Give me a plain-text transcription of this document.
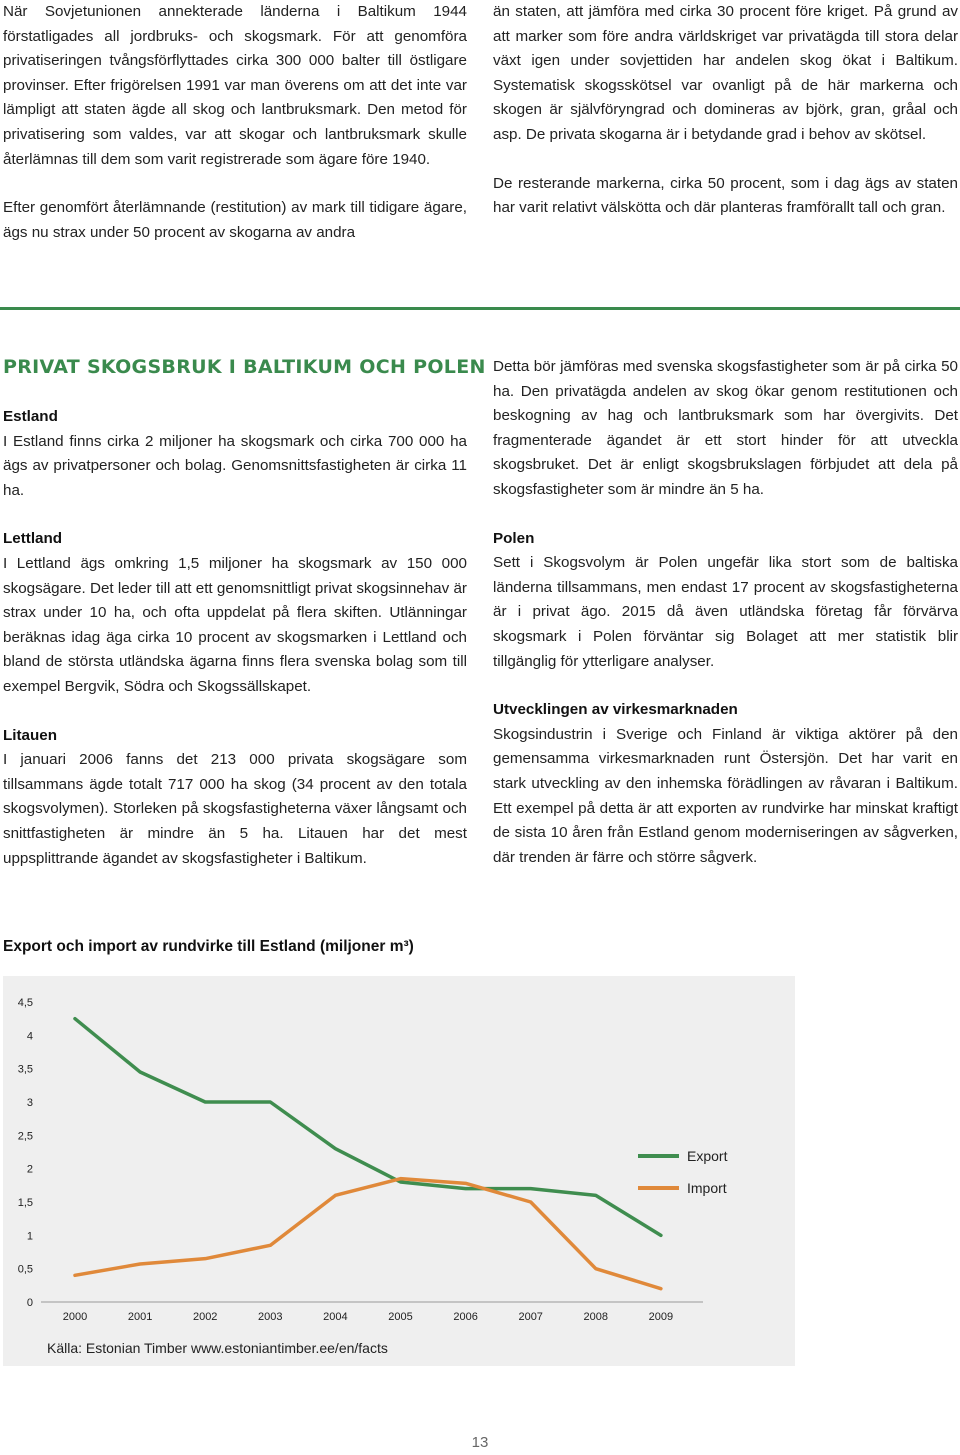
När Sovjetunionen annekterade länderna i Baltikum 1944 förstatligades all jordbruks- och skogsmark. För att genomföra privatiseringen tvångsförflyttades cirka 300 000 balter till östligare provinser. Efter frigörelsen 1991 var man överens om att det inte var lämpligt att staten ägde all skog och lantbruksmark. Den metod för privatisering som valdes, var att skogar och lantbruksmark skulle återlämnas till dem som varit registrerade som ägare före 1940.

Efter genomfört återlämnande (restitution) av mark till tidigare ägare, ägs nu strax under 50 procent av skogarna av andra

än staten, att jämföra med cirka 30 procent före kriget. På grund av att marker som före andra världskriget var privatägda till stora delar växt igen under sovjettiden har andelen skog ökat i Baltikum. Systematisk skogsskötsel var ovanligt på de här markerna och skogen är självföryngrad och domineras av björk, gran, gråal och asp. De privata skogarna är i betydande grad i behov av skötsel.

De resterande markerna, cirka 50 procent, som i dag ägs av staten har varit relativt välskötta och där planteras framförallt tall och gran.

PRIVAT SKOGSBRUK I BALTIKUM OCH POLEN
Estland

I Estland finns cirka 2 miljoner ha skogsmark och cirka 700 000 ha ägs av privatpersoner och bolag. Genomsnittsfastigheten är cirka 11 ha.

Lettland

I Lettland ägs omkring 1,5 miljoner ha skogsmark av 150 000 skogsägare. Det leder till att ett genomsnittligt privat skogsinnehav är strax under 10 ha, och ofta uppdelat på flera skiften. Utlänningar beräknas idag äga cirka 10 procent av skogsmarken i Lettland och bland de största utländska ägarna finns flera svenska bolag som till exempel Bergvik, Södra och Skogssällskapet.

Litauen

I januari 2006 fanns det 213 000 privata skogsägare som tillsammans ägde totalt 717 000 ha skog (34 procent av den totala skogsvolymen). Storleken på skogsfastigheterna växer långsamt och snittfastigheten är mindre än 5 ha. Litauen har det mest uppsplittrande ägandet av skogsfastigheter i Baltikum.

Detta bör jämföras med svenska skogsfastigheter som är på cirka 50 ha. Den privatägda andelen av skog ökar genom restitutionen och beskogning av hag och lantbruksmark som har övergivits. Det fragmenterade ägandet är ett stort hinder för att utveckla skogsbruket. Det är enligt skogsbrukslagen förbjudet att dela på skogsfastigheter som är mindre än 5 ha.

Polen

Sett i Skogsvolym är Polen ungefär lika stort som de baltiska länderna tillsammans, men endast 17 procent av skogsfastigheterna är i privat ägo. 2015 då även utländska företag får förvärva skogsmark i Polen förväntar sig Bolaget att mer statistik blir tillgänglig för ytterligare analyser.

Utvecklingen av virkesmarknaden

Skogsindustrin i Sverige och Finland är viktiga aktörer på den gemensamma virkesmarknaden runt Östersjön. Det har varit en stark utveckling av den inhemska förädlingen av råvaran i Baltikum. Ett exempel på detta är att exporten av rundvirke har minskat kraftigt de sista 10 åren från Estland genom moderniseringen av sågverken, där trenden är färre och större sågverk.

Export och import av rundvirke till Estland (miljoner m³)
0
0,5
1
1,5
2
2,5
3
3,5
4
4,5
2000	2001	2002	2003	2004	2005	2006	2007	2008	2009
Export
Import
Källa: Estonian Timber www.estoniantimber.ee/en/facts
13
